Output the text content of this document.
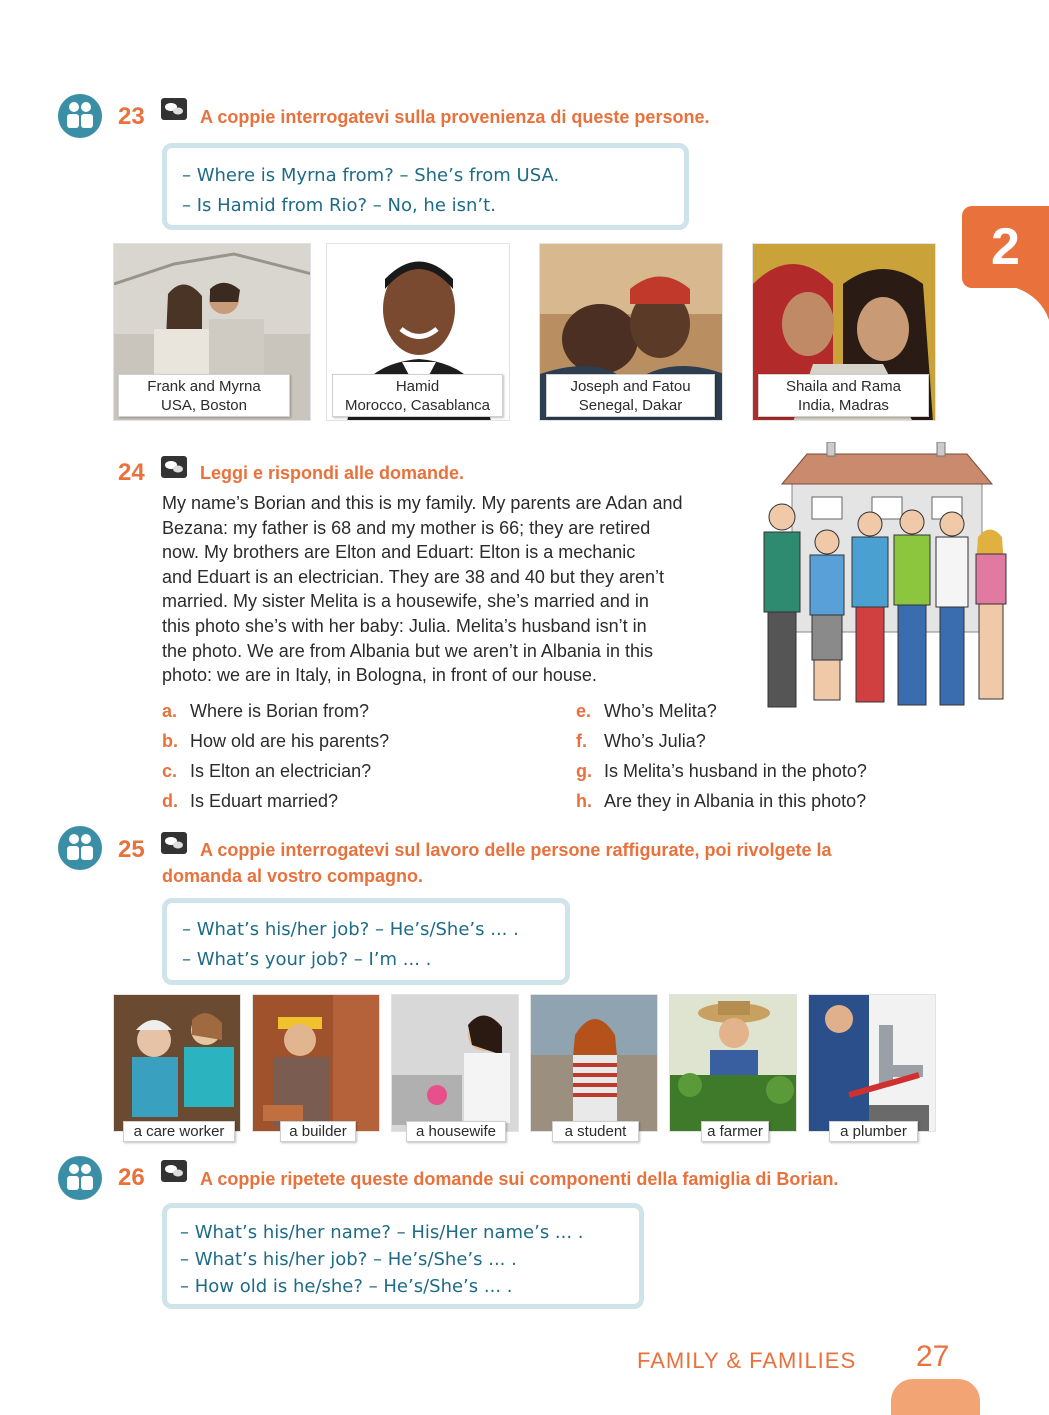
2
23	A coppie interrogatevi sulla provenienza di queste persone.
– Where is Myrna from? – She’s from USA.
– Is Hamid from Rio? – No, he isn’t.
Frank and Myrna
USA, Boston
Hamid
Morocco, Casablanca
Joseph and Fatou
Senegal, Dakar
Shaila and Rama
India, Madras
24	Leggi e rispondi alle domande.
My name’s Borian and this is my family. My parents are Adan and
Bezana: my father is 68 and my mother is 66; they are retired
now. My brothers are Elton and Eduart: Elton is a mechanic
and Eduart is an electrician. They are 38 and 40 but they aren’t
married. My sister Melita is a housewife, she’s married and in
this photo she’s with her baby: Julia. Melita’s husband isn’t in
the photo. We are from Albania but we aren’t in Albania in this
photo: we are in Italy, in Bologna, in front of our house.
a. Where is Borian from?
b. How old are his parents?
c. Is Elton an electrician?
d. Is Eduart married?
e. Who’s Melita?
f. Who’s Julia?
g. Is Melita’s husband in the photo?
h. Are they in Albania in this photo?
25	A coppie interrogatevi sul lavoro delle persone raffigurate, poi rivolgete la
domanda al vostro compagno.
– What’s his/her job? – He’s/She’s ... .
– What’s your job? – I’m ... .
a care worker	a builder	a housewife	a student	a farmer	a plumber
26	A coppie ripetete queste domande sui componenti della famiglia di Borian.
– What’s his/her name? – His/Her name’s ... .
– What’s his/her job? – He’s/She’s ... .
– How old is he/she? – He’s/She’s ... .
FAMILY & FAMILIES 27
